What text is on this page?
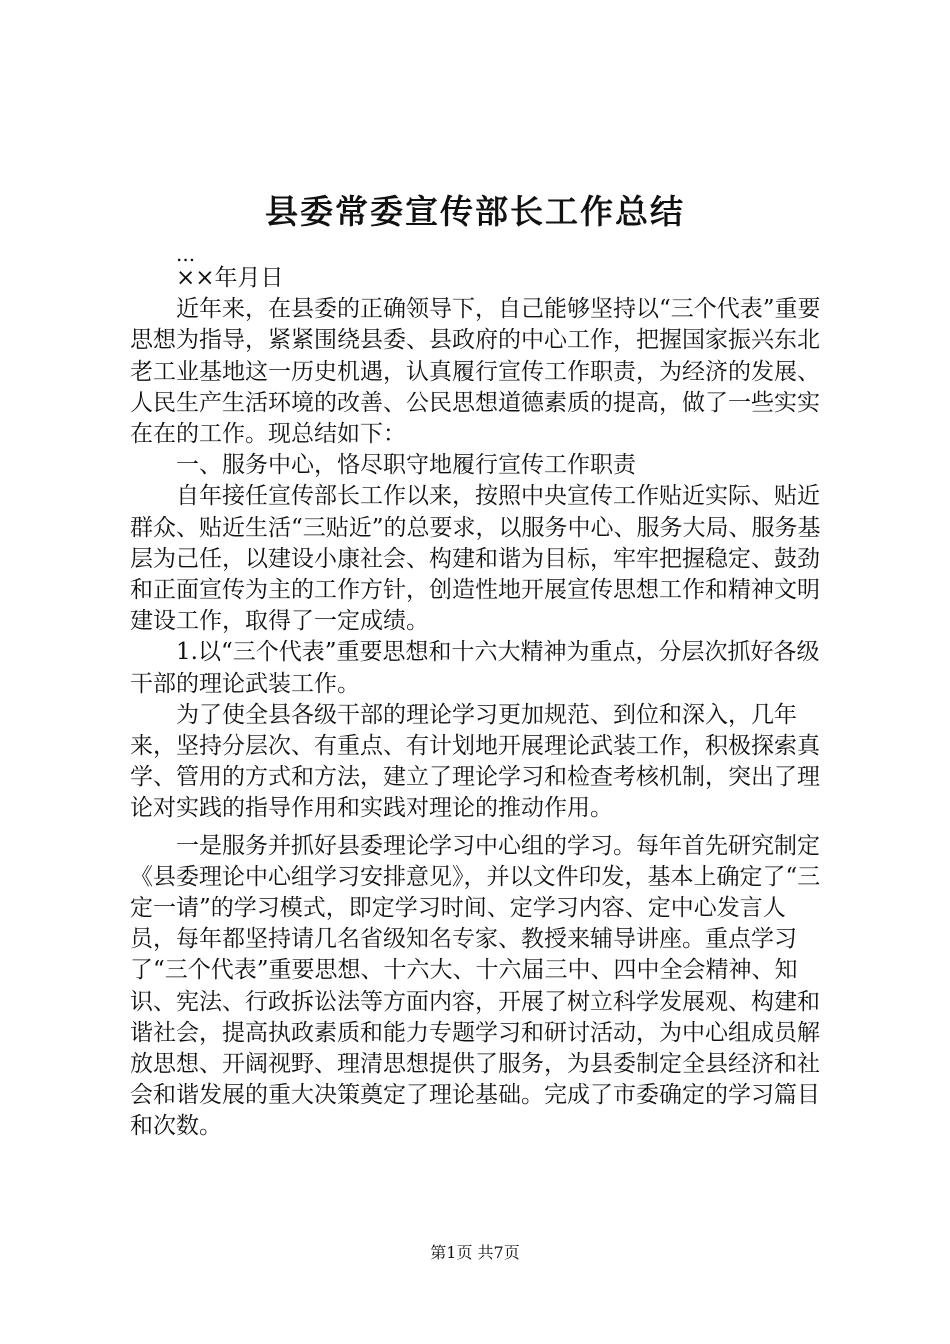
县委常委宣传部长工作总结
...
××年月日

近年来，在县委的正确领导下，自己能够坚持以“三个代表”重要思想为指导，紧紧围绕县委、县政府的中心工作，把握国家振兴东北老工业基地这一历史机遇，认真履行宣传工作职责，为经济的发展、人民生产生活环境的改善、公民思想道德素质的提高，做了一些实实在在的工作。现总结如下：

一、服务中心，恪尽职守地履行宣传工作职责

自年接任宣传部长工作以来，按照中央宣传工作贴近实际、贴近群众、贴近生活“三贴近”的总要求，以服务中心、服务大局、服务基层为己任，以建设小康社会、构建和谐为目标，牢牢把握稳定、鼓劲和正面宣传为主的工作方针，创造性地开展宣传思想工作和精神文明建设工作，取得了一定成绩。

1.以“三个代表”重要思想和十六大精神为重点，分层次抓好各级干部的理论武装工作。

为了使全县各级干部的理论学习更加规范、到位和深入，几年来，坚持分层次、有重点、有计划地开展理论武装工作，积极探索真学、管用的方式和方法，建立了理论学习和检查考核机制，突出了理论对实践的指导作用和实践对理论的推动作用。

一是服务并抓好县委理论学习中心组的学习。每年首先研究制定《县委理论中心组学习安排意见》，并以文件印发，基本上确定了“三定一请”的学习模式，即定学习时间、定学习内容、定中心发言人员，每年都坚持请几名省级知名专家、教授来辅导讲座。重点学习了“三个代表”重要思想、十六大、十六届三中、四中全会精神、知识、宪法、行政拆讼法等方面内容，开展了树立科学发展观、构建和谐社会，提高执政素质和能力专题学习和研讨活动，为中心组成员解放思想、开阔视野、理清思想提供了服务，为县委制定全县经济和社会和谐发展的重大决策奠定了理论基础。完成了市委确定的学习篇目和次数。

第1页 共7页
